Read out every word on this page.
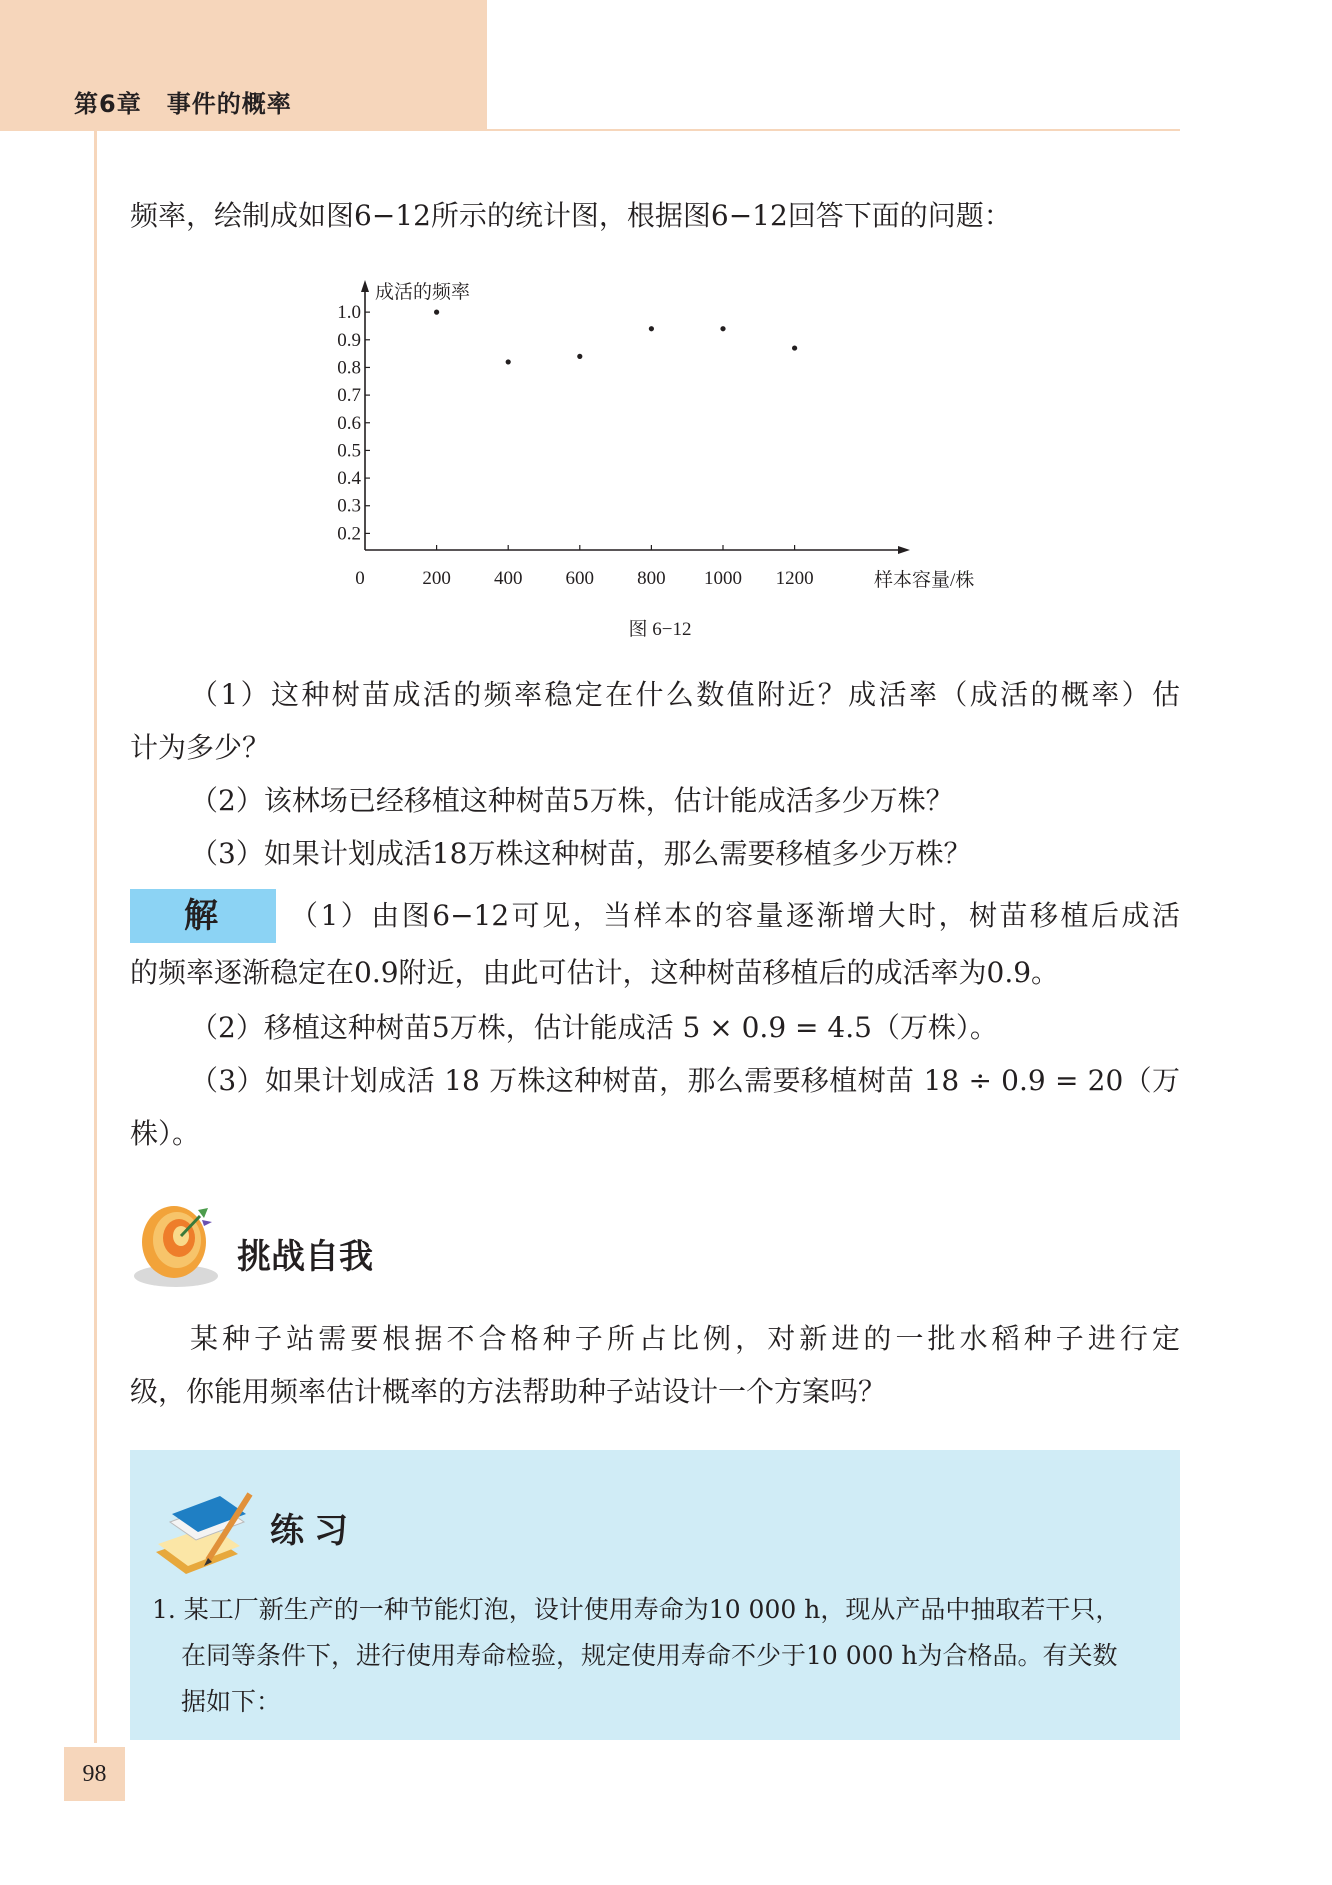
第6章　事件的概率
频率，绘制成如图6−12所示的统计图，根据图6−12回答下面的问题：
成活的频率
样本容量/株
0
1.0
0.9
0.8
0.7
0.6
0.5
0.4
0.3
0.2
200 400 600 800 1000 1200
图 6−12
（1）这种树苗成活的频率稳定在什么数值附近？成活率（成活的概率）估
计为多少？
（2）该林场已经移植这种树苗5万株，估计能成活多少万株？
（3）如果计划成活18万株这种树苗，那么需要移植多少万株？
解	（1）由图6−12可见，当样本的容量逐渐增大时，树苗移植后成活
的频率逐渐稳定在0.9附近，由此可估计，这种树苗移植后的成活率为0.9。
（2）移植这种树苗5万株，估计能成活 5 × 0.9 = 4.5（万株）。
（3）如果计划成活 18 万株这种树苗，那么需要移植树苗 18 ÷ 0.9 = 20（万
株）。
挑战自我
某种子站需要根据不合格种子所占比例，对新进的一批水稻种子进行定
级，你能用频率估计概率的方法帮助种子站设计一个方案吗？
练习
1. 某工厂新生产的一种节能灯泡，设计使用寿命为10 000 h，现从产品中抽取若干只，
在同等条件下，进行使用寿命检验，规定使用寿命不少于10 000 h为合格品。有关数
据如下：
98
